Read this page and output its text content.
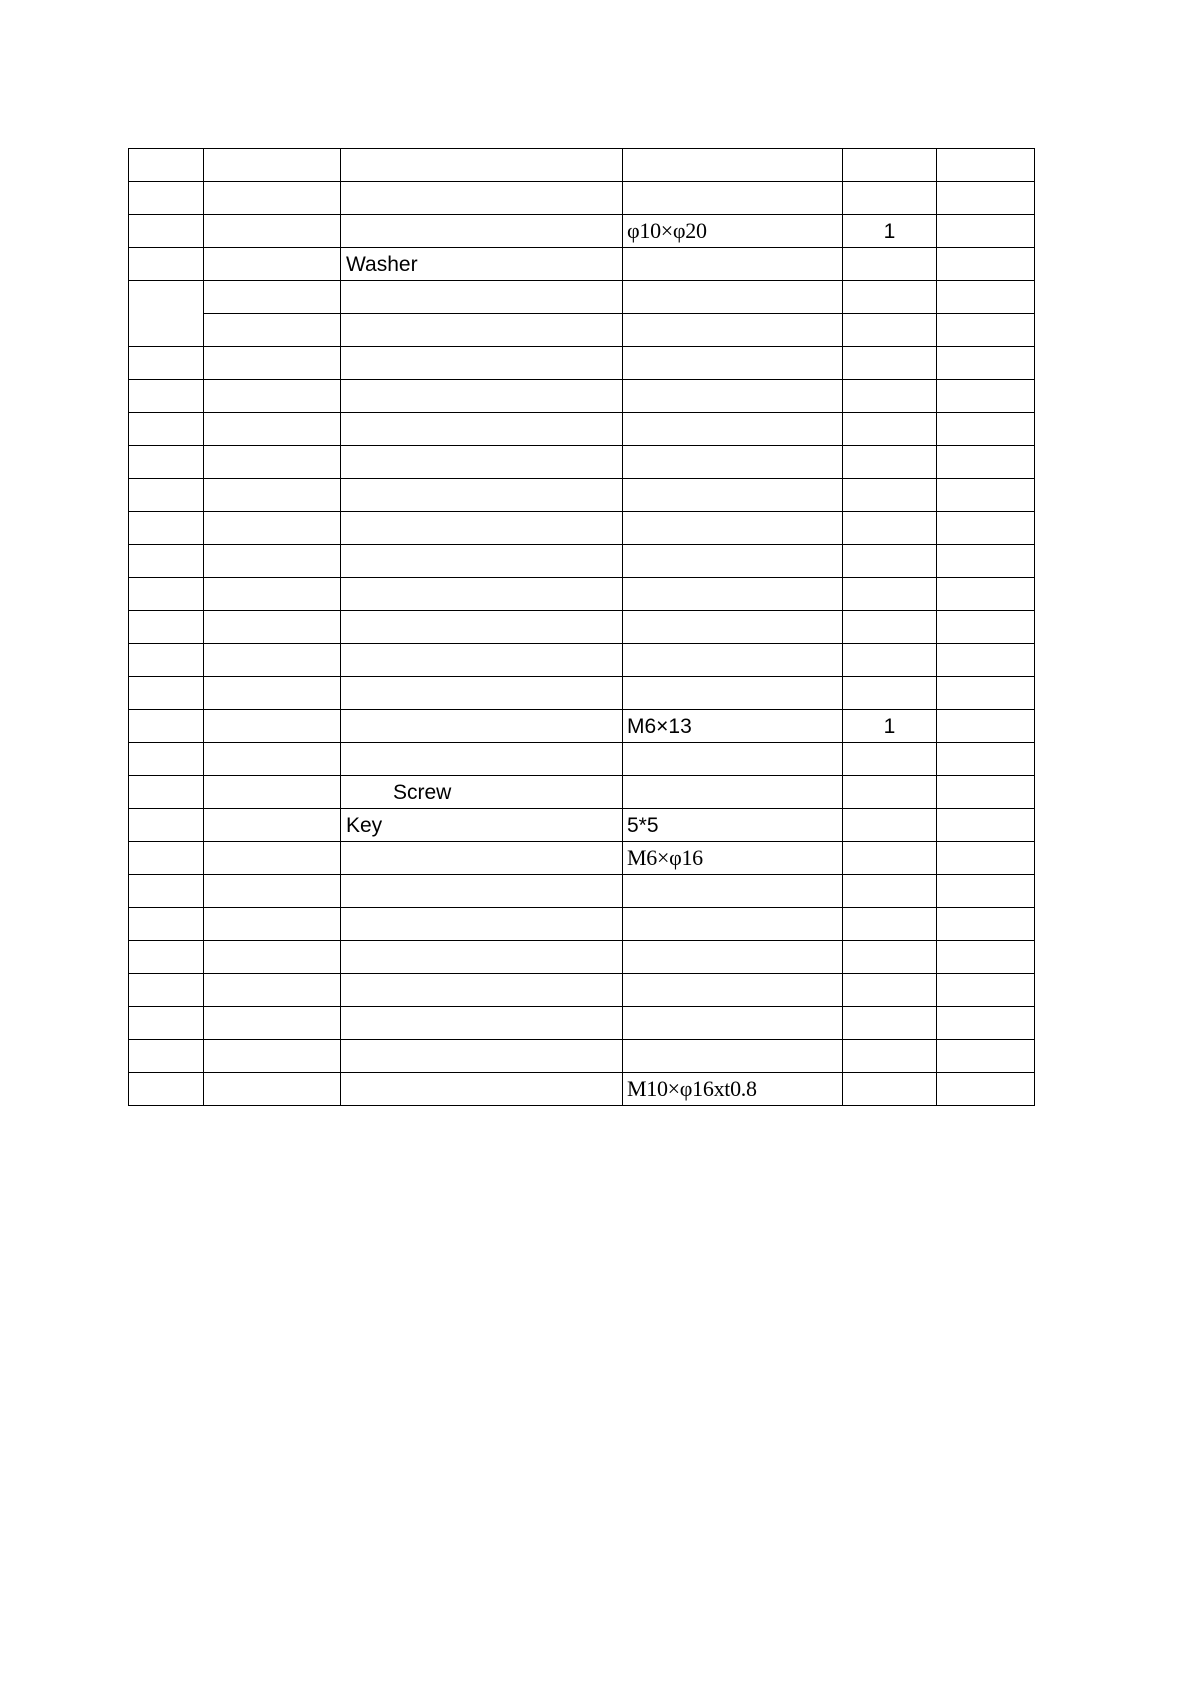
			φ10×φ20	1	
		Washer			

			M6×13	1	

		Screw			
		Key	5*5		
			M6×φ16		

			M10×φ16xt0.8		
